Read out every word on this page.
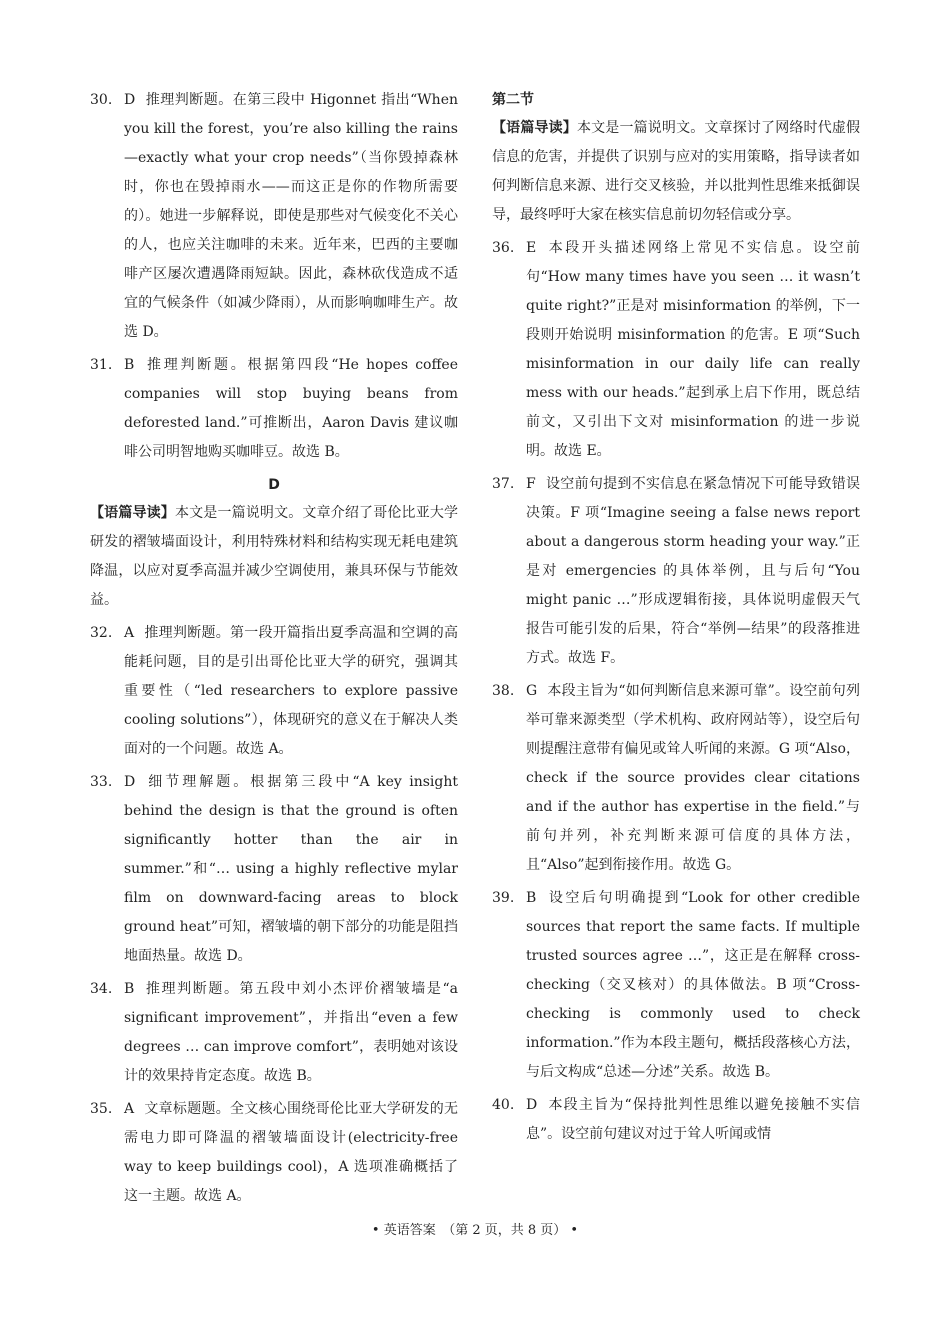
30. D 推理判断题。在第三段中 Higonnet 指出“When you kill the forest，you’re also killing the rains—exactly what your crop needs”（当你毁掉森林时，你也在毁掉雨水——而这正是你的作物所需要的）。她进一步解释说，即使是那些对气候变化不关心的人，也应关注咖啡的未来。近年来，巴西的主要咖啡产区屡次遭遇降雨短缺。因此，森林砍伐造成不适宜的气候条件（如减少降雨），从而影响咖啡生产。故选 D。
31. B 推理判断题。根据第四段“He hopes coffee companies will stop buying beans from deforested land.”可推断出，Aaron Davis 建议咖啡公司明智地购买咖啡豆。故选 B。
D
【语篇导读】本文是一篇说明文。文章介绍了哥伦比亚大学研发的褶皱墙面设计，利用特殊材料和结构实现无耗电建筑降温，以应对夏季高温并减少空调使用，兼具环保与节能效益。
32. A 推理判断题。第一段开篇指出夏季高温和空调的高能耗问题，目的是引出哥伦比亚大学的研究，强调其重要性（“led researchers to explore passive cooling solutions”），体现研究的意义在于解决人类面对的一个问题。故选 A。
33. D 细节理解题。根据第三段中“A key insight behind the design is that the ground is often significantly hotter than the air in summer.”和“… using a highly reflective mylar film on downward-facing areas to block ground heat”可知，褶皱墙的朝下部分的功能是阻挡地面热量。故选 D。
34. B 推理判断题。第五段中刘小杰评价褶皱墙是“a significant improvement”，并指出“even a few degrees … can improve comfort”，表明她对该设计的效果持肯定态度。故选 B。
35. A 文章标题题。全文核心围绕哥伦比亚大学研发的无需电力即可降温的褶皱墙面设计(electricity-free way to keep buildings cool)，A 选项准确概括了这一主题。故选 A。
第二节
【语篇导读】本文是一篇说明文。文章探讨了网络时代虚假信息的危害，并提供了识别与应对的实用策略，指导读者如何判断信息来源、进行交叉核验，并以批判性思维来抵御误导，最终呼吁大家在核实信息前切勿轻信或分享。
36. E 本段开头描述网络上常见不实信息。设空前句“How many times have you seen … it wasn’t quite right?”正是对 misinformation 的举例，下一段则开始说明 misinformation 的危害。E 项“Such misinformation in our daily life can really mess with our heads.”起到承上启下作用，既总结前文，又引出下文对 misinformation 的进一步说明。故选 E。
37. F 设空前句提到不实信息在紧急情况下可能导致错误决策。F 项“Imagine seeing a false news report about a dangerous storm heading your way.”正是对 emergencies 的具体举例，且与后句“You might panic …”形成逻辑衔接，具体说明虚假天气报告可能引发的后果，符合“举例—结果”的段落推进方式。故选 F。
38. G 本段主旨为“如何判断信息来源可靠”。设空前句列举可靠来源类型（学术机构、政府网站等），设空后句则提醒注意带有偏见或耸人听闻的来源。G 项“Also，check if the source provides clear citations and if the author has expertise in the field.”与前句并列，补充判断来源可信度的具体方法，且“Also”起到衔接作用。故选 G。
39. B 设空后句明确提到“Look for other credible sources that report the same facts. If multiple trusted sources agree …”，这正是在解释 cross-checking（交叉核对）的具体做法。B 项“Cross-checking is commonly used to check information.”作为本段主题句，概括段落核心方法，与后文构成“总述—分述”关系。故选 B。
40. D 本段主旨为“保持批判性思维以避免接触不实信息”。设空前句建议对过于耸人听闻或情
• 英语答案　（第 2 页，共 8 页） •
